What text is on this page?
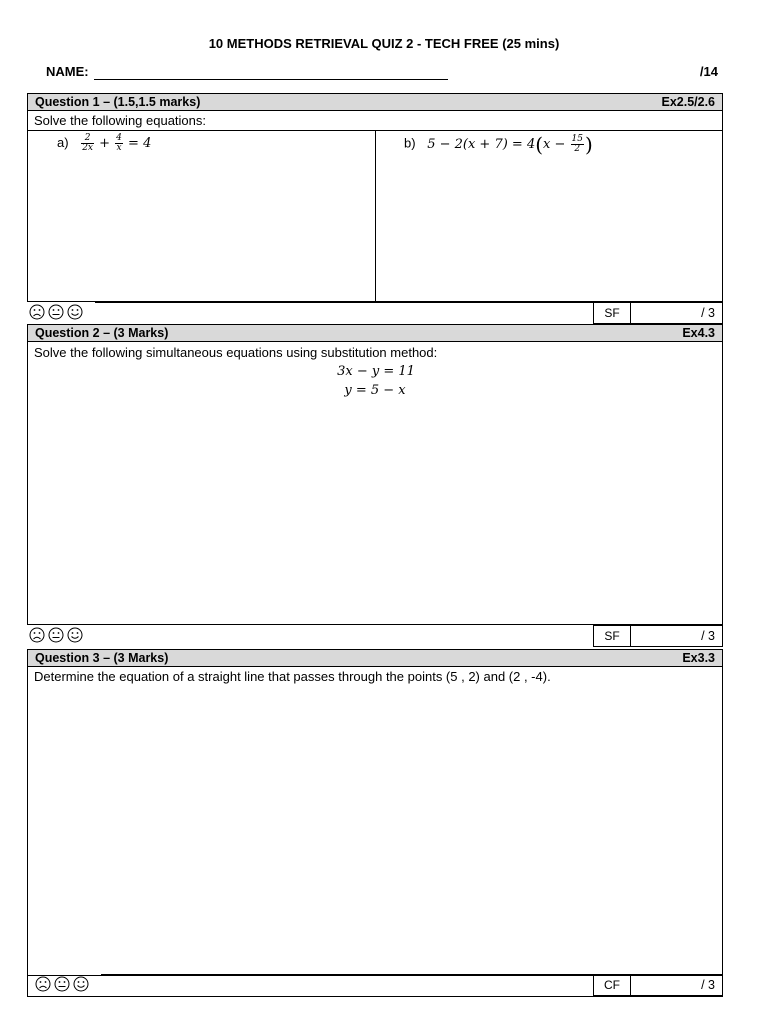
10 METHODS RETRIEVAL QUIZ 2 - TECH FREE (25 mins)
NAME:	/14
Question 1 – (1.5,1.5 marks)	Ex2.5/2.6
Solve the following equations:
$a) \frac{2}{2x} + \frac{4}{x} = 4$	b) $5 - 2(x + 7) = 4(x - \frac{15}{2}$ )
SF	/ 3
Question 2 – (3 Marks)	Ex4.3
Solve the following simultaneous equations using substitution method:
3x − y = 11
y = 5 − x
SF	/ 3
Question 3 – (3 Marks)	Ex3.3
Determine the equation of a straight line that passes through the points (5 , 2) and (2 , -4).
CF	/ 3
